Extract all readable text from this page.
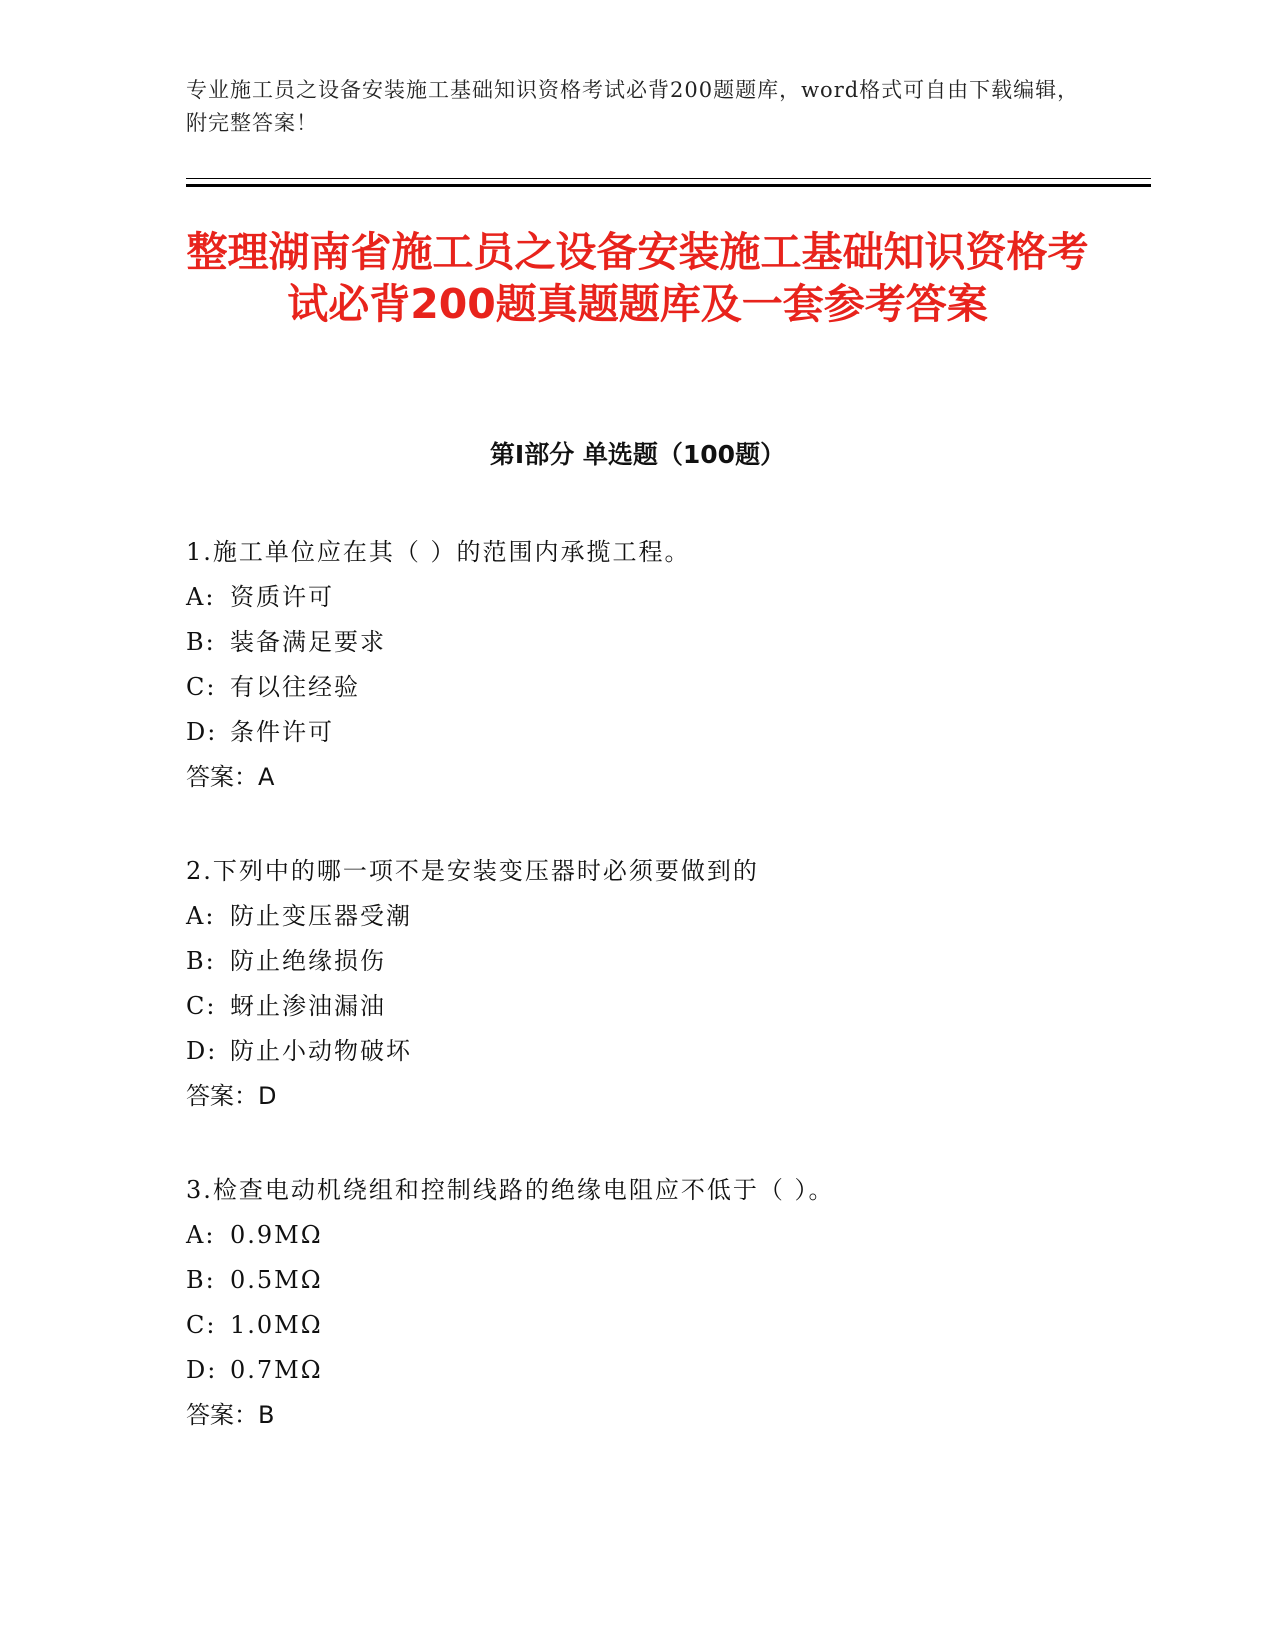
专业施工员之设备安装施工基础知识资格考试必背200题题库，word格式可自由下载编辑，附完整答案！
整理湖南省施工员之设备安装施工基础知识资格考试必背200题真题题库及一套参考答案
第I部分 单选题（100题）
1.施工单位应在其（ ）的范围内承揽工程。
A: 资质许可
B: 装备满足要求
C: 有以往经验
D: 条件许可
答案：A
2.下列中的哪一项不是安装变压器时必须要做到的
A: 防止变压器受潮
B: 防止绝缘损伤
C: 蚜止渗油漏油
D: 防止小动物破坏
答案：D
3.检查电动机绕组和控制线路的绝缘电阻应不低于（ ）。
A: 0.9MΩ
B: 0.5MΩ
C: 1.0MΩ
D: 0.7MΩ
答案：B
